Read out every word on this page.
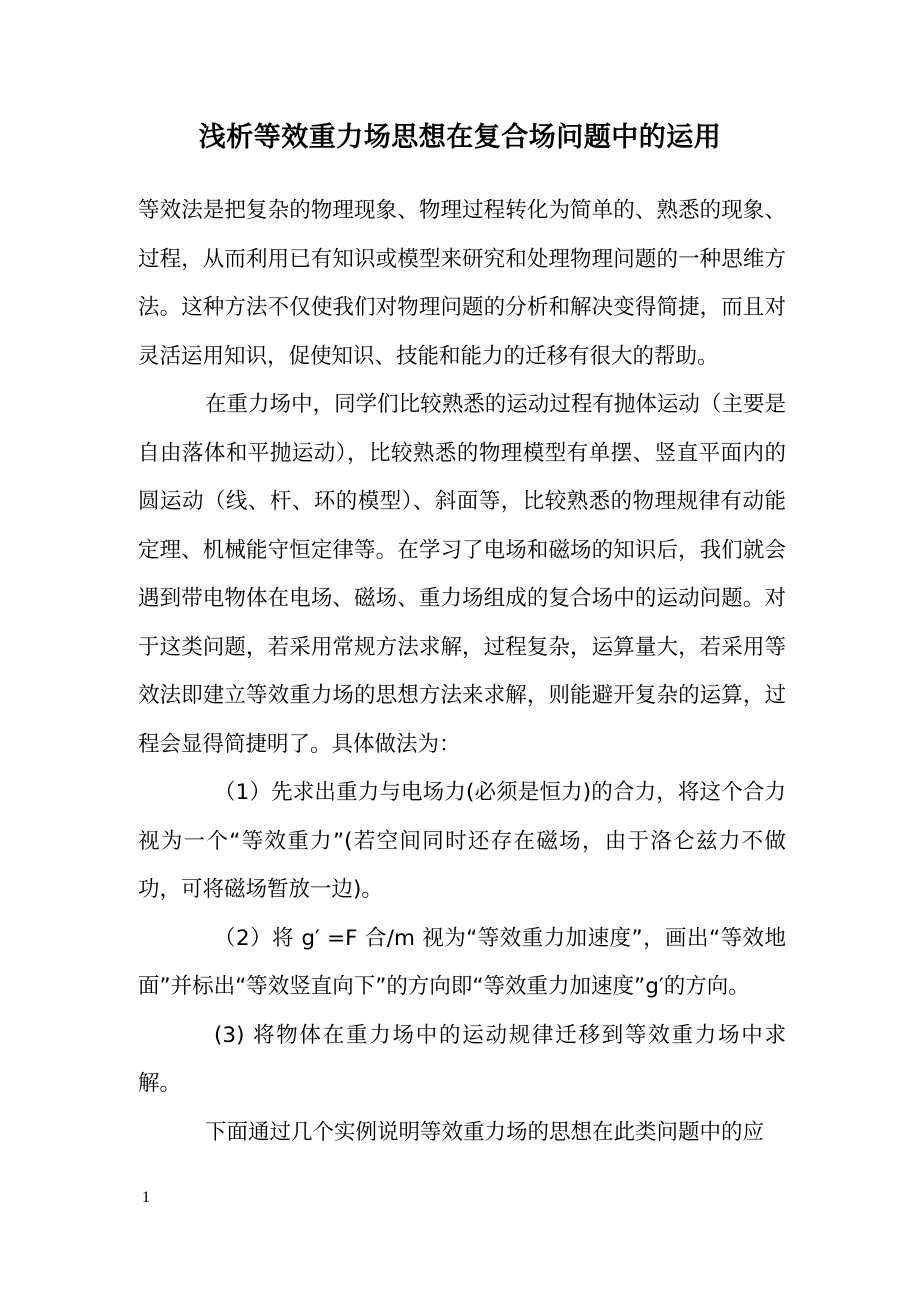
浅析等效重力场思想在复合场问题中的运用

等效法是把复杂的物理现象、物理过程转化为简单的、熟悉的现象、过程，从而利用已有知识或模型来研究和处理物理问题的一种思维方法。这种方法不仅使我们对物理问题的分析和解决变得简捷，而且对灵活运用知识，促使知识、技能和能力的迁移有很大的帮助。

在重力场中，同学们比较熟悉的运动过程有抛体运动（主要是自由落体和平抛运动），比较熟悉的物理模型有单摆、竖直平面内的圆运动（线、杆、环的模型）、斜面等，比较熟悉的物理规律有动能定理、机械能守恒定律等。在学习了电场和磁场的知识后，我们就会遇到带电物体在电场、磁场、重力场组成的复合场中的运动问题。对于这类问题，若采用常规方法求解，过程复杂，运算量大，若采用等效法即建立等效重力场的思想方法来求解，则能避开复杂的运算，过程会显得简捷明了。具体做法为：

（1）先求出重力与电场力(必须是恒力)的合力，将这个合力视为一个“等效重力”(若空间同时还存在磁场，由于洛仑兹力不做功，可将磁场暂放一边)。

（2）将 g′ =F 合/m 视为“等效重力加速度”，画出“等效地面”并标出“等效竖直向下”的方向即“等效重力加速度”g′的方向。

(3) 将物体在重力场中的运动规律迁移到等效重力场中求解。

下面通过几个实例说明等效重力场的思想在此类问题中的应

1
